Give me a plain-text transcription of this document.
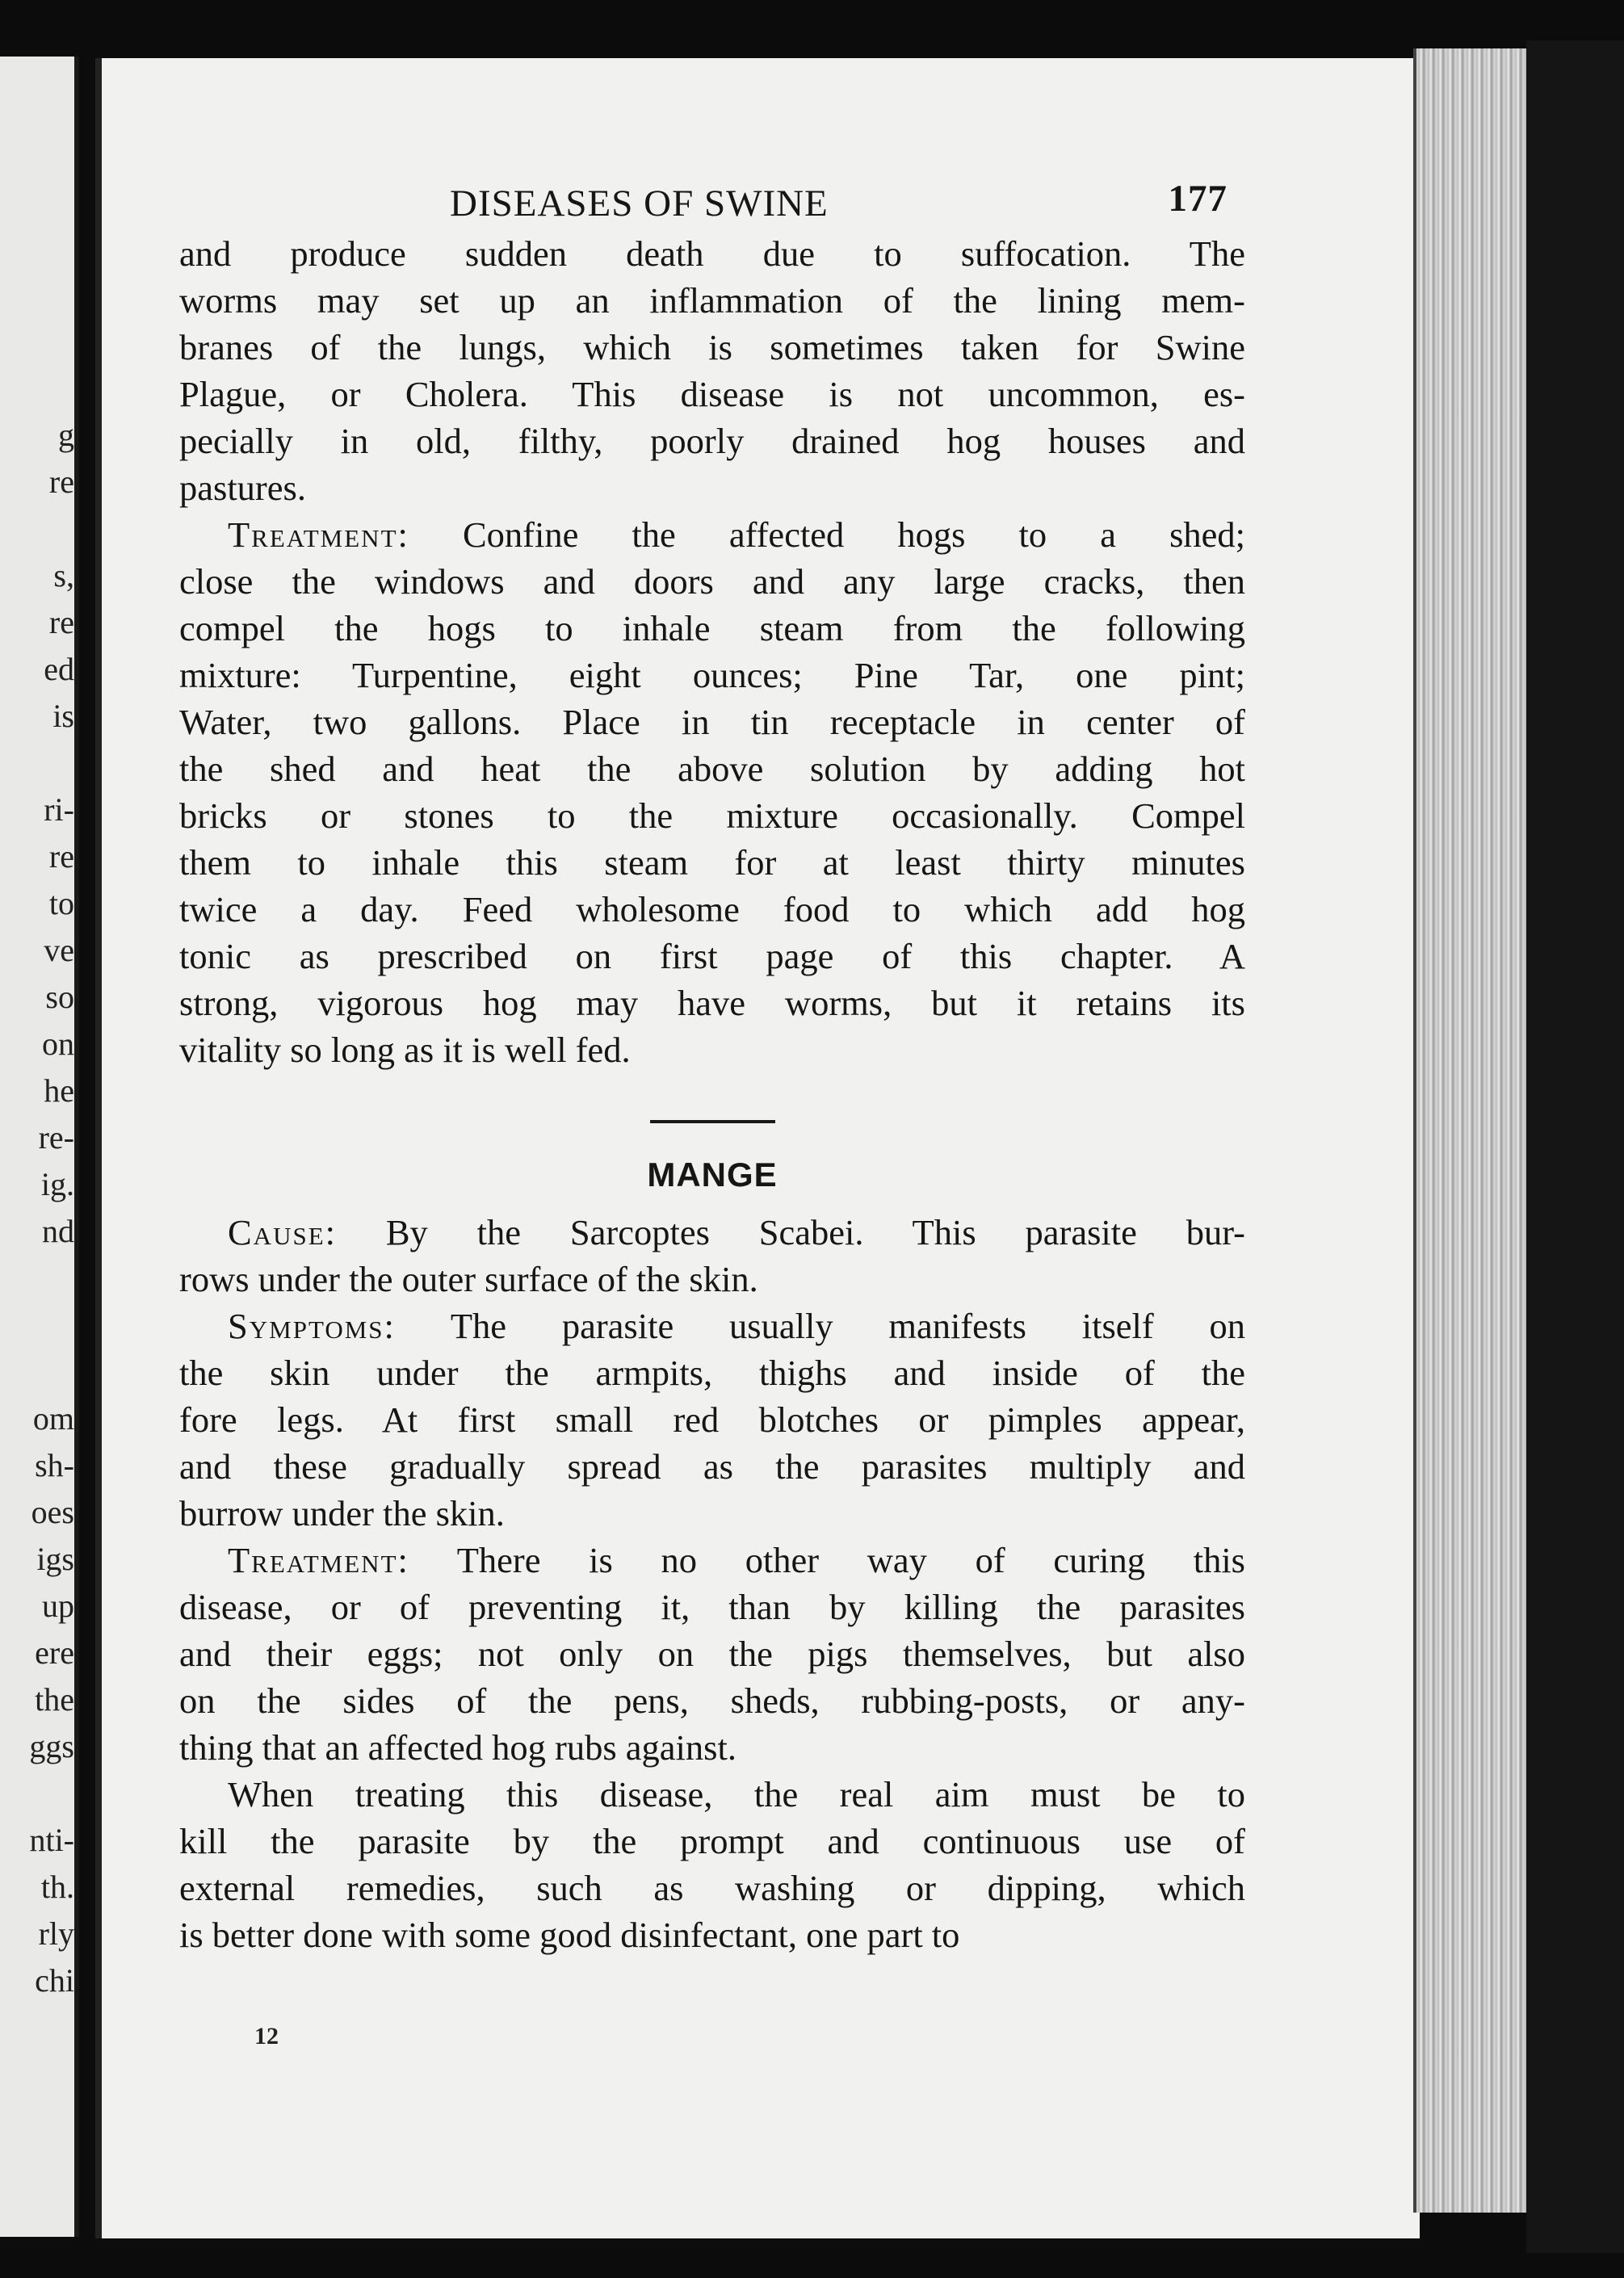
g
re
s,
re
ed
is
ri-
re
to
ve
so
on
he
re-
ig.
nd
om
sh-
oes
igs
up
ere
the
ggs
nti-
th.
rly
chi
DISEASES OF SWINE	177

and produce sudden death due to suffocation. The
worms may set up an inflammation of the lining mem-
branes of the lungs, which is sometimes taken for Swine
Plague, or Cholera. This disease is not uncommon, es-
pecially in old, filthy, poorly drained hog houses and
pastures.

Treatment: Confine the affected hogs to a shed;
close the windows and doors and any large cracks, then
compel the hogs to inhale steam from the following
mixture: Turpentine, eight ounces; Pine Tar, one pint;
Water, two gallons. Place in tin receptacle in center of
the shed and heat the above solution by adding hot
bricks or stones to the mixture occasionally. Compel
them to inhale this steam for at least thirty minutes
twice a day. Feed wholesome food to which add hog
tonic as prescribed on first page of this chapter. A
strong, vigorous hog may have worms, but it retains its
vitality so long as it is well fed.

MANGE

Cause: By the Sarcoptes Scabei. This parasite bur-
rows under the outer surface of the skin.

Symptoms: The parasite usually manifests itself on
the skin under the armpits, thighs and inside of the
fore legs. At first small red blotches or pimples appear,
and these gradually spread as the parasites multiply and
burrow under the skin.

Treatment: There is no other way of curing this
disease, or of preventing it, than by killing the parasites
and their eggs; not only on the pigs themselves, but also
on the sides of the pens, sheds, rubbing-posts, or any-
thing that an affected hog rubs against.

When treating this disease, the real aim must be to
kill the parasite by the prompt and continuous use of
external remedies, such as washing or dipping, which
is better done with some good disinfectant, one part to

12
